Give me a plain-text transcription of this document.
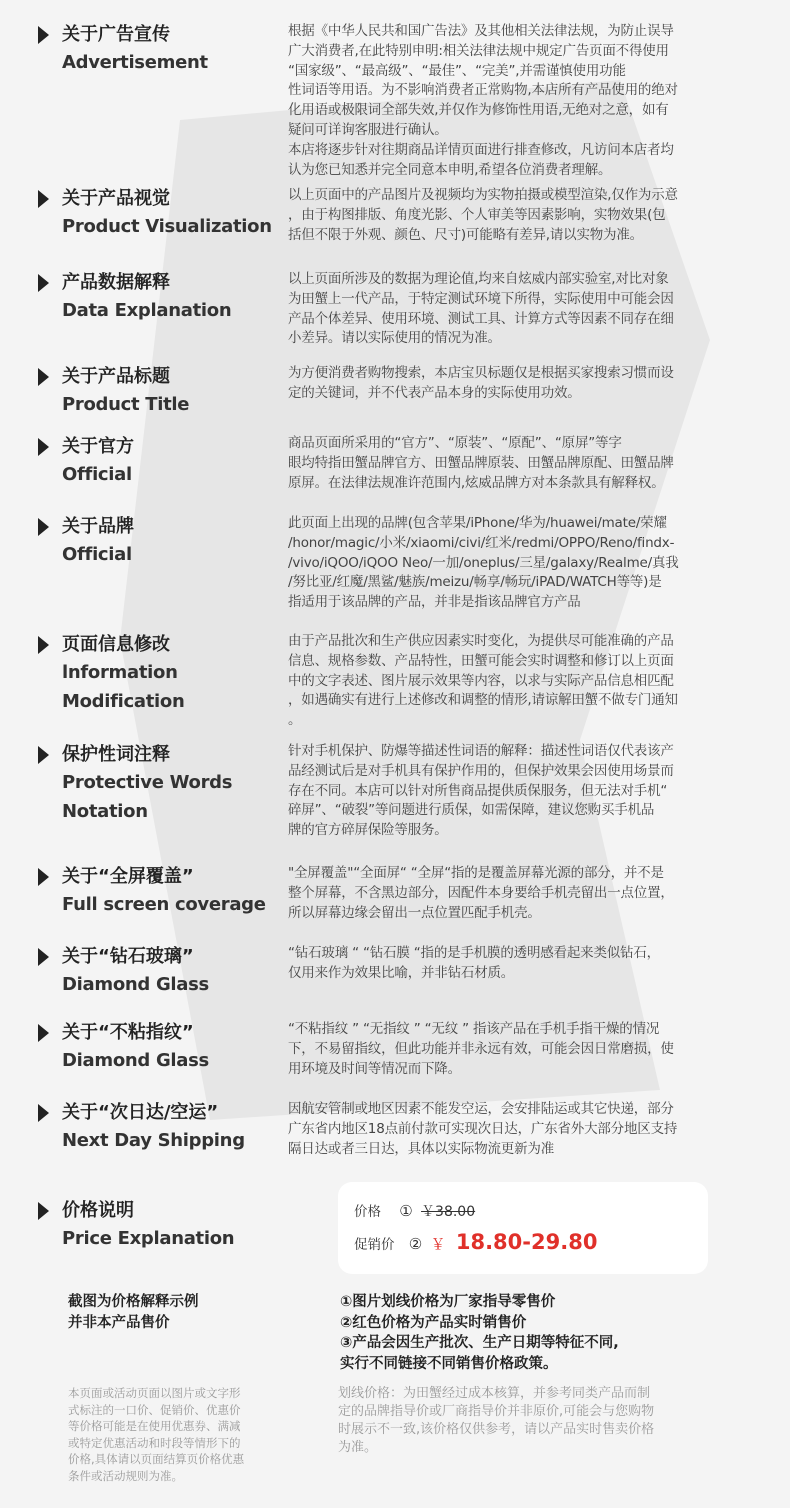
关于广告宣传
Advertisement
根据《中华人民共和国广告法》及其他相关法律法规，为防止误导
广大消费者,在此特别申明:相关法律法规中规定广告页面不得使用
“国家级”、“最高级”、“最佳”、“完美”,并需谨慎使用功能
性词语等用语。为不影响消费者正常购物,本店所有产品使用的绝对
化用语或极限词全部失效,并仅作为修饰性用语,无绝对之意，如有
疑问可详询客服进行确认。
本店将逐步针对往期商品详情页面进行排查修改，凡访问本店者均
认为您已知悉并完全同意本申明,希望各位消费者理解。
关于产品视觉
Product Visualization
以上页面中的产品图片及视频均为实物拍摄或模型渲染,仅作为示意
，由于构图排版、角度光影、个人审美等因素影响，实物效果(包
括但不限于外观、颜色、尺寸)可能略有差异,请以实物为准。
产品数据解释
Data Explanation
以上页面所涉及的数据为理论值,均来自炫威内部实验室,对比对象
为田蟹上一代产品，于特定测试环境下所得，实际使用中可能会因
产品个体差异、使用环境、测试工具、计算方式等因素不同存在细
小差异。请以实际使用的情况为准。
关于产品标题
Product Title
为方便消费者购物搜索，本店宝贝标题仅是根据买家搜索习惯而设
定的关键词，并不代表产品本身的实际使用功效。
关于官方
Official
商品页面所采用的“官方”、“原装”、“原配”、“原屏”等字
眼均特指田蟹品牌官方、田蟹品牌原装、田蟹品牌原配、田蟹品牌
原屏。在法律法规准许范围内,炫威品牌方对本条款具有解释权。
关于品牌
Official
此页面上出现的品牌(包含苹果/iPhone/华为/huawei/mate/荣耀
/honor/magic/小米/xiaomi/civi/红米/redmi/OPPO/Reno/findx-
/vivo/iQOO/iQOO Neo/一加/oneplus/三星/galaxy/Realme/真我
/努比亚/红魔/黑鲨/魅族/meizu/畅享/畅玩/iPAD/WATCH等等)是
指适用于该品牌的产品，并非是指该品牌官方产品
页面信息修改
lnformation
Modification
由于产品批次和生产供应因素实时变化，为提供尽可能准确的产品
信息、规格参数、产品特性，田蟹可能会实时调整和修订以上页面
中的文字表述、图片展示效果等内容，以求与实际产品信息相匹配
，如遇确实有进行上述修改和调整的情形,请谅解田蟹不做专门通知
。
保护性词注释
Protective Words
Notation
针对手机保护、防爆等描述性词语的解释：描述性词语仅代表该产
品经测试后是对手机具有保护作用的，但保护效果会因使用场景而
存在不同。本店可以针对所售商品提供质保服务，但无法对手机“
碎屏”、“破裂”等问题进行质保，如需保障，建议您购买手机品
牌的官方碎屏保险等服务。
关于“全屏覆盖”
Full screen coverage
"全屏覆盖"“全面屏“ “全屏“指的是覆盖屏幕光源的部分，并不是
整个屏幕，不含黑边部分，因配件本身要给手机壳留出一点位置，
所以屏幕边缘会留出一点位置匹配手机壳。
关于“钻石玻璃”
Diamond Glass
“钻石玻璃 “ “钻石膜 “指的是手机膜的透明感看起来类似钻石，
仅用来作为效果比喻，并非钻石材质。
关于“不粘指纹”
Diamond Glass
“不粘指纹 ” “无指纹 ” “无纹 ” 指该产品在手机手指干燥的情况
下，不易留指纹，但此功能并非永远有效，可能会因日常磨损，使
用环境及时间等情况而下降。
关于“次日达/空运”
Next Day Shipping
因航安管制或地区因素不能发空运，会安排陆运或其它快递，部分
广东省内地区18点前付款可实现次日达，广东省外大部分地区支持
隔日达或者三日达，具体以实际物流更新为准
价格说明
Price Explanation
价格 ① ￥38.00
促销价 ② ￥ 18.80-29.80
截图为价格解释示例
并非本产品售价
①图片划线价格为厂家指导零售价
②红色价格为产品实时销售价
③产品会因生产批次、生产日期等特征不同,
实行不同链接不同销售价格政策。
本页面或活动页面以图片或文字形
式标注的一口价、促销价、优惠价
等价格可能是在使用优惠券、满减
或特定优惠活动和时段等情形下的
价格,具体请以页面结算页价格优惠
条件或活动规则为准。
划线价格：为田蟹经过成本核算，并参考同类产品而制
定的品牌指导价或厂商指导价并非原价,可能会与您购物
时展示不一致,该价格仅供参考，请以产品实时售卖价格
为准。
